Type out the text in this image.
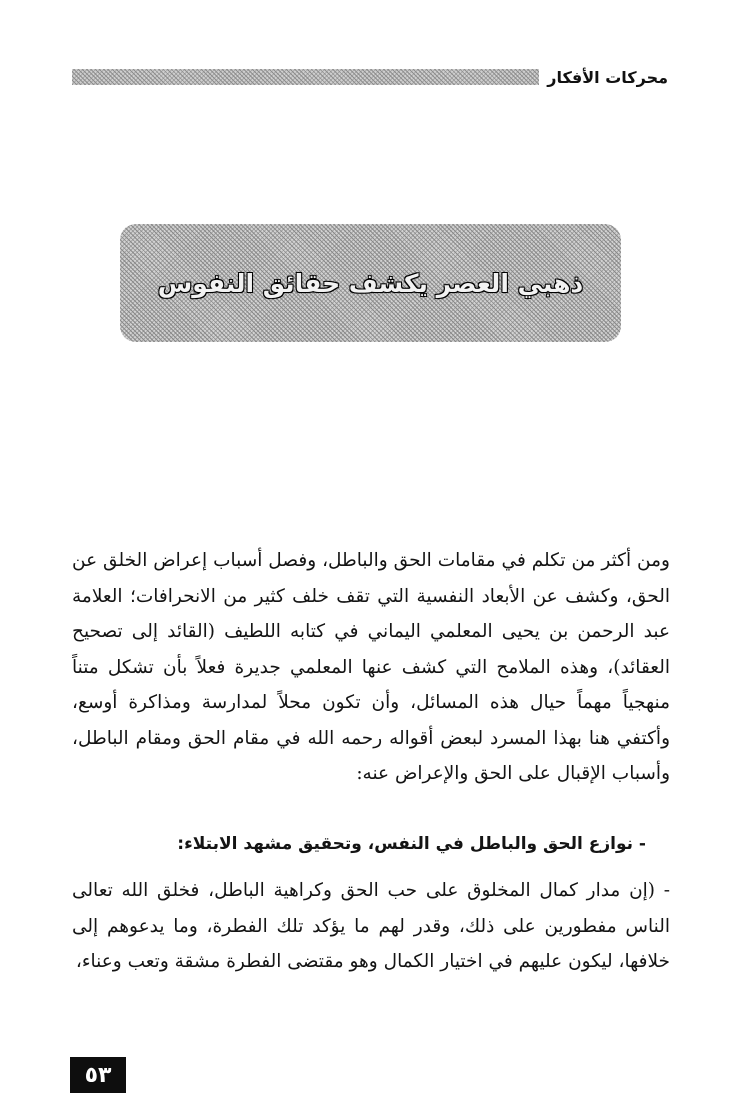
محركات الأفكار
ذهبي العصر يكشف حقائق النفوس

ومن أكثر من تكلم في مقامات الحق والباطل، وفصل أسباب إعراض الخلق عن الحق، وكشف عن الأبعاد النفسية التي تقف خلف كثير من الانحرافات؛ العلامة عبد الرحمن بن يحيى المعلمي اليماني في كتابه اللطيف (القائد إلى تصحيح العقائد)، وهذه الملامح التي كشف عنها المعلمي جديرة فعلاً بأن تشكل متناً منهجياً مهماً حيال هذه المسائل، وأن تكون محلاً لمدارسة ومذاكرة أوسع، وأكتفي هنا بهذا المسرد لبعض أقواله رحمه الله في مقام الحق ومقام الباطل، وأسباب الإقبال على الحق والإعراض عنه:

- نوازع الحق والباطل في النفس، وتحقيق مشهد الابتلاء:

- (إن مدار كمال المخلوق على حب الحق وكراهية الباطل، فخلق الله تعالى الناس مفطورين على ذلك، وقدر لهم ما يؤكد تلك الفطرة، وما يدعوهم إلى خلافها، ليكون عليهم في اختيار الكمال وهو مقتضى الفطرة مشقة وتعب وعناء،

٥٣
